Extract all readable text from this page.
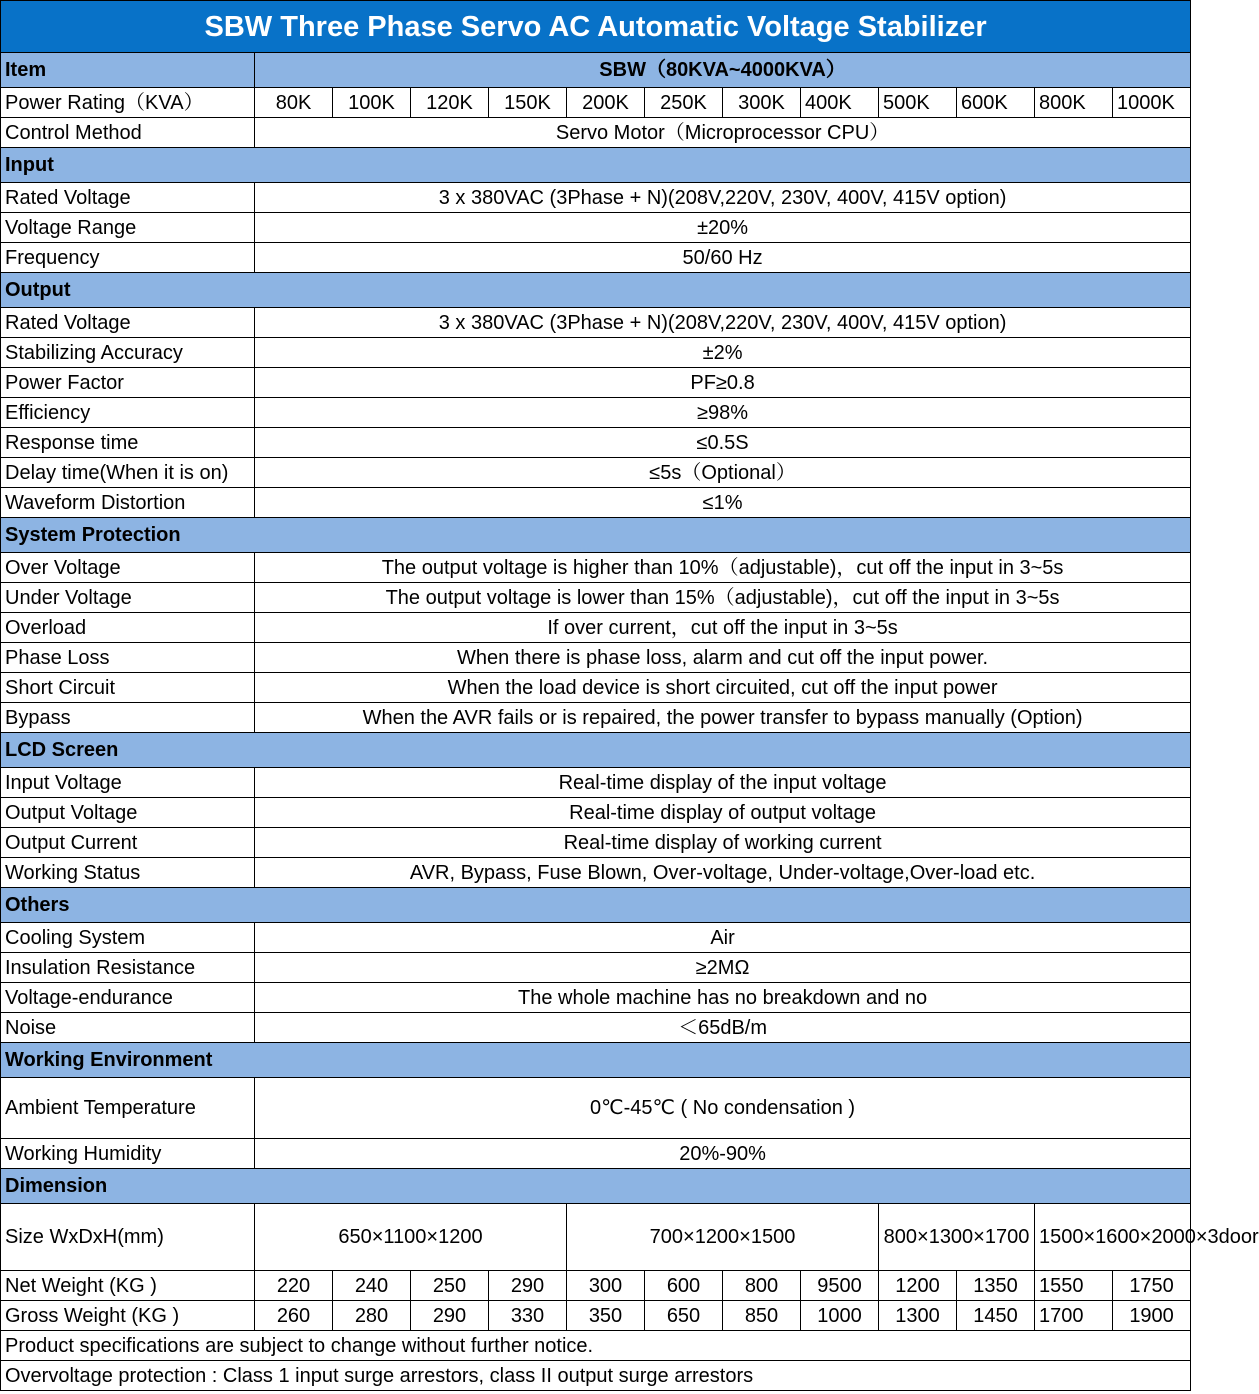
SBW Three Phase Servo AC Automatic Voltage Stabilizer												
Item	SBW（80KVA~4000KVA）											
Power Rating（KVA）	80K	100K	120K	150K	200K	250K	300K	400K	500K	600K	800K	1000K
Control Method	Servo Motor（Microprocessor CPU）											
Input												
Rated Voltage	3 x 380VAC (3Phase + N)(208V,220V, 230V, 400V, 415V option)											
Voltage Range	±20%											
Frequency	50/60 Hz											
Output												
Rated Voltage	3 x 380VAC (3Phase + N)(208V,220V, 230V, 400V, 415V option)											
Stabilizing Accuracy	±2%											
Power Factor	PF≥0.8											
Efficiency	≥98%											
Response time	≤0.5S											
Delay time(When it is on)	≤5s（Optional）											
Waveform Distortion	≤1%											
System Protection												
Over Voltage	The output voltage is higher than 10%（adjustable)，cut off the input in 3~5s											
Under Voltage	The output voltage is lower than 15%（adjustable)，cut off the input in 3~5s											
Overload	If over current，cut off the input in 3~5s											
Phase Loss	When there is phase loss, alarm and cut off the input power.											
Short Circuit	When the load device is short circuited, cut off the input power											
Bypass	When the AVR fails or is repaired, the power transfer to bypass manually (Option)											
LCD Screen												
Input Voltage	Real-time display of the input voltage											
Output Voltage	Real-time display of output voltage											
Output Current	Real-time display of working current											
Working Status	AVR, Bypass, Fuse Blown, Over-voltage, Under-voltage,Over-load etc.											
Others												
Cooling System	Air											
Insulation Resistance	≥2MΩ											
Voltage-endurance	The whole machine has no breakdown and no											
Noise	＜65dB/m											
Working Environment												
Ambient Temperature	0℃-45℃ ( No condensation )											
Working Humidity	20%-90%											
Dimension												
Size WxDxH(mm)	650×1100×1200				700×1200×1500				800×1300×1700		1500×1600×2000×3door	
Net Weight (KG )	220	240	250	290	300	600	800	9500	1200	1350	1550	1750
Gross Weight (KG )	260	280	290	330	350	650	850	1000	1300	1450	1700	1900
Product specifications are subject to change without further notice.												
Overvoltage protection : Class 1 input surge arrestors, class II output surge arrestors												
